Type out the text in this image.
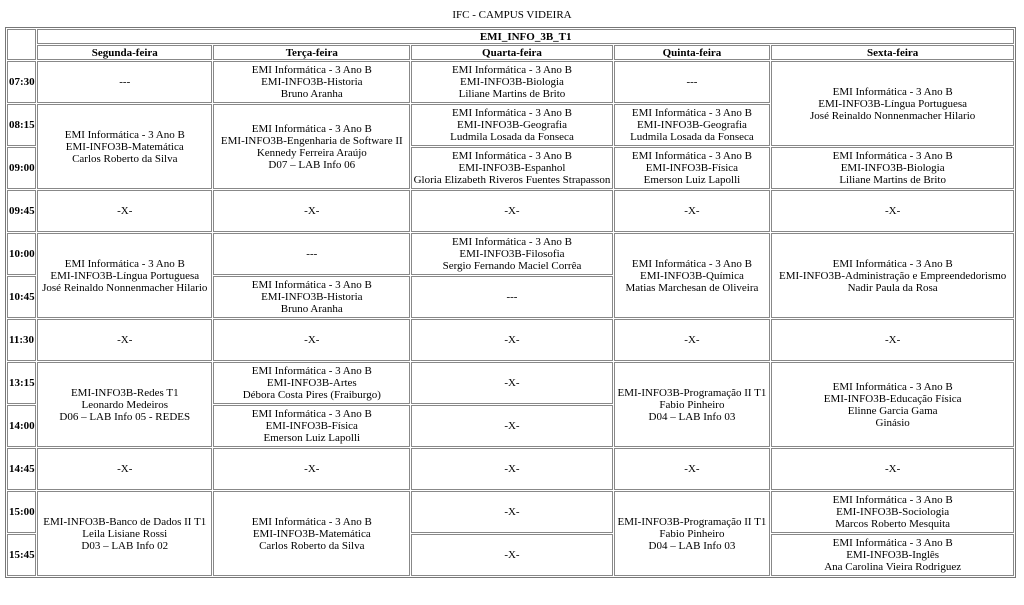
IFC - CAMPUS VIDEIRA
	EMI_INFO_3B_T1				
	Segunda-feira	Terça-feira	Quarta-feira	Quinta-feira	Sexta-feira
07:30	---	EMI Informática - 3 Ano B
EMI-INFO3B-Historia
Bruno Aranha	EMI Informática - 3 Ano B
EMI-INFO3B-Biologia
Liliane Martins de Brito	---	EMI Informática - 3 Ano B
EMI-INFO3B-Língua Portuguesa
José Reinaldo Nonnenmacher Hilario

08:15	EMI Informática - 3 Ano B
EMI-INFO3B-Matemática
Carlos Roberto da Silva	EMI Informática - 3 Ano B
EMI-INFO3B-Engenharia de Software II
Kennedy Ferreira Araújo
D07 – LAB Info 06	EMI Informática - 3 Ano B
EMI-INFO3B-Geografia
Ludmila Losada da Fonseca	EMI Informática - 3 Ano B
EMI-INFO3B-Geografia
Ludmila Losada da Fonseca	

09:00			EMI Informática - 3 Ano B
EMI-INFO3B-Espanhol
Gloria Elizabeth Riveros Fuentes Strapasson	EMI Informática - 3 Ano B
EMI-INFO3B-Física
Emerson Luiz Lapolli	EMI Informática - 3 Ano B
EMI-INFO3B-Biologia
Liliane Martins de Brito

09:45	-X-	-X-	-X-	-X-	-X-

10:00	EMI Informática - 3 Ano B
EMI-INFO3B-Língua Portuguesa
José Reinaldo Nonnenmacher Hilario	---	EMI Informática - 3 Ano B
EMI-INFO3B-Filosofia
Sergio Fernando Maciel Corrêa	EMI Informática - 3 Ano B
EMI-INFO3B-Química
Matias Marchesan de Oliveira	EMI Informática - 3 Ano B
EMI-INFO3B-Administração e Empreendedorismo
Nadir Paula da Rosa

10:45		EMI Informática - 3 Ano B
EMI-INFO3B-Historia
Bruno Aranha	---		

11:30	-X-	-X-	-X-	-X-	-X-

13:15	EMI-INFO3B-Redes T1
Leonardo Medeiros
D06 – LAB Info 05 - REDES	EMI Informática - 3 Ano B
EMI-INFO3B-Artes
Débora Costa Pires (Fraiburgo)	-X-	EMI-INFO3B-Programação II T1
Fabio Pinheiro
D04 – LAB Info 03	EMI Informática - 3 Ano B
EMI-INFO3B-Educação Física
Elinne Garcia Gama
Ginásio

14:00		EMI Informática - 3 Ano B
EMI-INFO3B-Física
Emerson Luiz Lapolli	-X-		

14:45	-X-	-X-	-X-	-X-	-X-

15:00	EMI-INFO3B-Banco de Dados II T1
Leila Lisiane Rossi
D03 – LAB Info 02	EMI Informática - 3 Ano B
EMI-INFO3B-Matemática
Carlos Roberto da Silva	-X-	EMI-INFO3B-Programação II T1
Fabio Pinheiro
D04 – LAB Info 03	EMI Informática - 3 Ano B
EMI-INFO3B-Sociologia
Marcos Roberto Mesquita

15:45			-X-		EMI Informática - 3 Ano B
EMI-INFO3B-Inglês
Ana Carolina Vieira Rodriguez
